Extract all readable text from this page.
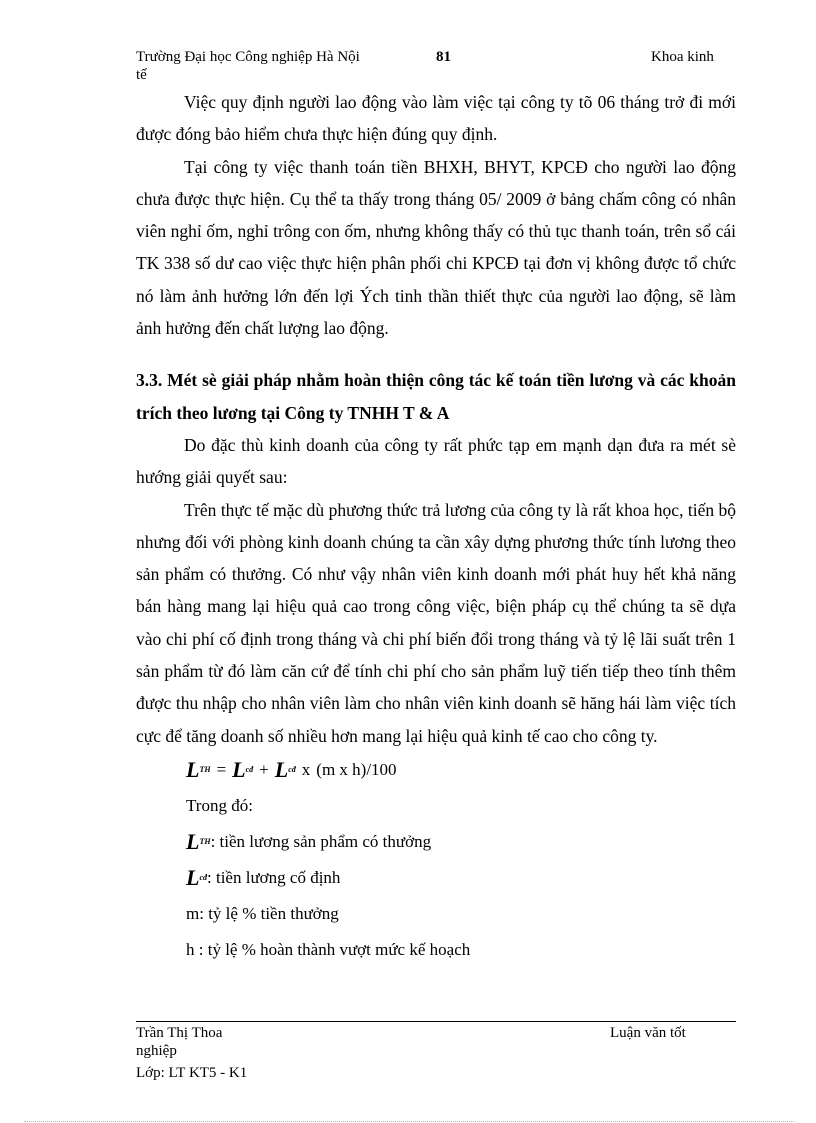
Trường Đại học Công nghiệp Hà Nội
tế
81	Khoa kinh

Việc quy định người lao động vào làm việc tại công ty tõ 06 tháng trở đi mới được đóng bảo hiểm chưa thực hiện đúng quy định.

Tại công ty việc thanh toán tiền BHXH, BHYT, KPCĐ cho người lao động chưa được thực hiện. Cụ thể ta thấy trong tháng 05/ 2009 ở bảng chấm công có nhân viên nghỉ ốm, nghỉ trông con ốm, nhưng không thấy có thủ tục thanh toán, trên sổ cái TK 338 số dư cao việc thực hiện phân phối chi KPCĐ tại đơn vị không được tổ chức nó làm ảnh hưởng lớn đến lợi Ých tinh thần thiết thực của người lao động, sẽ làm ảnh hưởng đến chất lượng lao động.

3.3. Mét sè giải pháp nhằm hoàn thiện công tác kế toán tiền lương và các khoản trích theo lương tại Công ty TNHH T & A

Do đặc thù kinh doanh của công ty rất phức tạp em mạnh dạn đưa ra mét sè hướng giải quyết sau:

Trên thực tế mặc dù phương thức trả lương của công ty là rất khoa học, tiến bộ nhưng đối với phòng kinh doanh chúng ta cần xây dựng phương thức tính lương theo sản phẩm có thưởng. Có như vậy nhân viên kinh doanh mới phát huy hết khả năng bán hàng mang lại hiệu quả cao trong công việc, biện pháp cụ thể chúng ta sẽ dựa vào chi phí cố định trong tháng và chi phí biến đổi trong tháng và tỷ lệ lãi suất trên 1 sản phẩm từ đó làm căn cứ để tính chi phí cho sản phẩm luỹ tiến tiếp theo tính thêm được thu nhập cho nhân viên làm cho nhân viên kinh doanh sẽ hăng hái làm việc tích cực để tăng doanh số nhiều hơn mang lại hiệu quả kinh tế cao cho công ty.

L TH = L cđ + L cđ x (m x h)/100
Trong đó:
L TH : tiền lương sản phẩm có thưởng
L cđ : tiền lương cố định
m: tỷ lệ % tiền thưởng
h : tỷ lệ % hoàn thành vượt mức kế hoạch
Trần Thị Thoa	Luận văn tốt
nghiệp
Lớp: LT KT5 - K1
